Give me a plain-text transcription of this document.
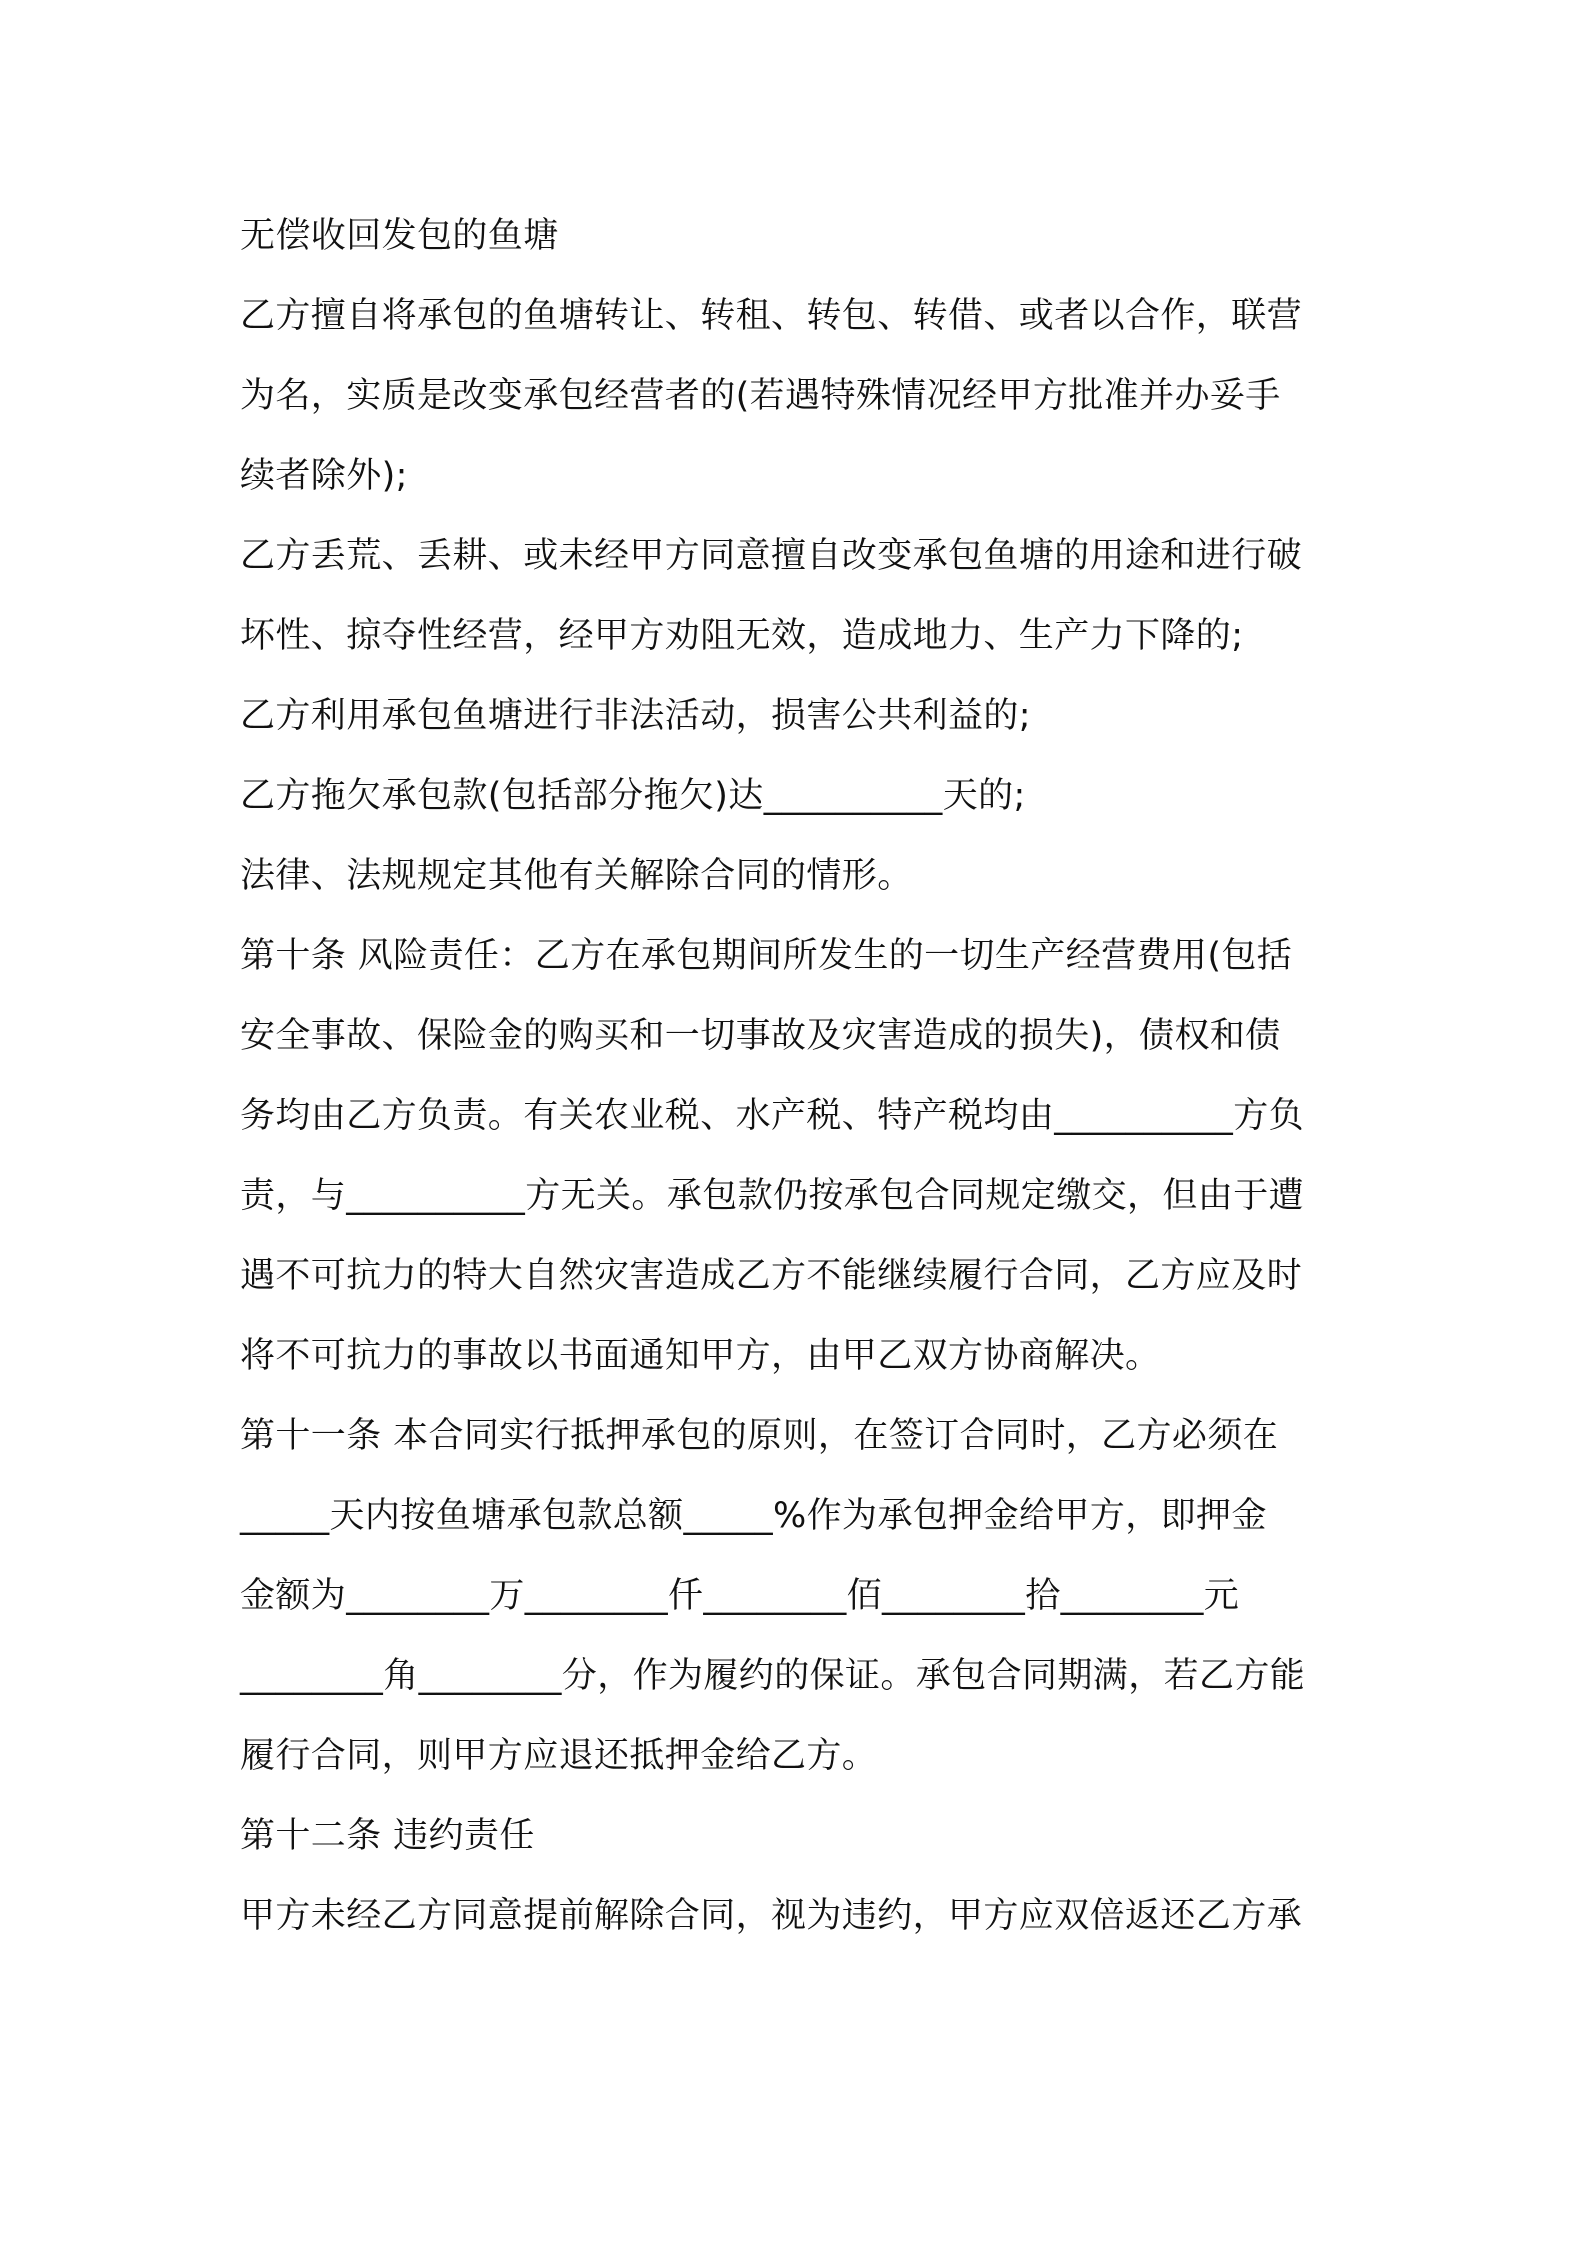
无偿收回发包的鱼塘
乙方擅自将承包的鱼塘转让、转租、转包、转借、或者以合作，联营
为名，实质是改变承包经营者的(若遇特殊情况经甲方批准并办妥手
续者除外);
乙方丢荒、丢耕、或未经甲方同意擅自改变承包鱼塘的用途和进行破
坏性、掠夺性经营，经甲方劝阻无效，造成地力、生产力下降的;
乙方利用承包鱼塘进行非法活动，损害公共利益的;
乙方拖欠承包款(包括部分拖欠)达__________天的;
法律、法规规定其他有关解除合同的情形。
第十条 风险责任：乙方在承包期间所发生的一切生产经营费用(包括
安全事故、保险金的购买和一切事故及灾害造成的损失)，债权和债
务均由乙方负责。有关农业税、水产税、特产税均由__________方负
责，与__________方无关。承包款仍按承包合同规定缴交，但由于遭
遇不可抗力的特大自然灾害造成乙方不能继续履行合同，乙方应及时
将不可抗力的事故以书面通知甲方，由甲乙双方协商解决。
第十一条 本合同实行抵押承包的原则，在签订合同时，乙方必须在
_____天内按鱼塘承包款总额_____%作为承包押金给甲方，即押金
金额为________万________仟________佰________拾________元
________角________分，作为履约的保证。承包合同期满，若乙方能
履行合同，则甲方应退还抵押金给乙方。
第十二条 违约责任
甲方未经乙方同意提前解除合同，视为违约，甲方应双倍返还乙方承
